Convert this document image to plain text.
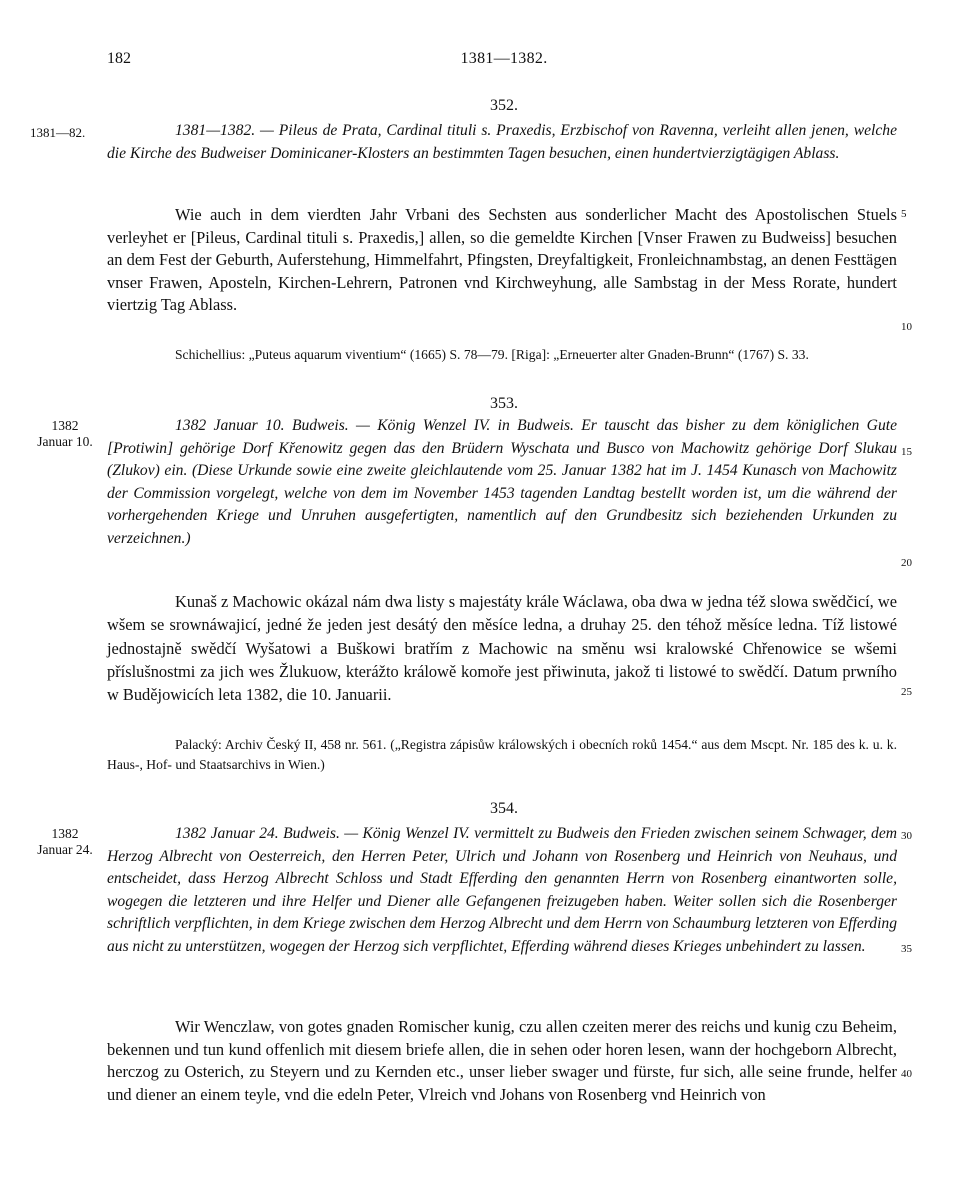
182	1381—1382.
352.
1381—82.	1381—1382. — Pileus de Prata, Cardinal tituli s. Praxedis, Erzbischof von Ravenna, verleiht allen jenen, welche die Kirche des Budweiser Dominicaner-Klosters an bestimmten Tagen besuchen, einen hundertvierzigtägigen Ablass.
Wie auch in dem vierdten Jahr Vrbani des Sechsten aus sonderlicher Macht des Apostolischen Stuels verleyhet er [Pileus, Cardinal tituli s. Praxedis,] allen, so die gemeldte Kirchen [Vnser Frawen zu Budweiss] besuchen an dem Fest der Geburth, Auferstehung, Himmelfahrt, Pfingsten, Dreyfaltigkeit, Fronleichnambstag, an denen Festtägen vnser Frawen, Aposteln, Kirchen-Lehrern, Patronen vnd Kirchweyhung, alle Sambstag in der Mess Rorate, hundert viertzig Tag Ablass.
Schichellius: „Puteus aquarum viventium“ (1665) S. 78—79. [Riga]: „Erneuerter alter Gnaden-Brunn“ (1767) S. 33.
353.
1382
Januar 10.
1382 Januar 10. Budweis. — König Wenzel IV. in Budweis. Er tauscht das bisher zu dem königlichen Gute [Protiwin] gehörige Dorf Křenowitz gegen das den Brüdern Wyschata und Busco von Machowitz gehörige Dorf Slukau (Zlukov) ein. (Diese Urkunde sowie eine zweite gleichlautende vom 25. Januar 1382 hat im J. 1454 Kunasch von Machowitz der Commission vorgelegt, welche von dem im November 1453 tagenden Landtag bestellt worden ist, um die während der vorhergehenden Kriege und Unruhen ausgefertigten, namentlich auf den Grundbesitz sich beziehenden Urkunden zu verzeichnen.)
Kunaš z Machowic okázal nám dwa listy s majestáty krále Wáclawa, oba dwa w jedna též slowa swědčicí, we wšem se srownáwajicí, jedné že jeden jest desátý den měsíce ledna, a druhay 25. den téhož měsíce ledna. Tíž listowé jednostajně swědčí Wyšatowi a Buškowi bratřím z Machowic na směnu wsi kralowské Chřenowice se wšemi příslušnostmi za jich wes Žlukuow, kterážto králowě komoře jest přiwinuta, jakož ti listowé to swědčí. Datum prwního w Budějowicích leta 1382, die 10. Januarii.
Palacký: Archiv Český II, 458 nr. 561. („Registra zápisůw králowských i obecních roků 1454.“ aus dem Mscpt. Nr. 185 des k. u. k. Haus-, Hof- und Staatsarchivs in Wien.)
354.
1382
Januar 24.
1382 Januar 24. Budweis. — König Wenzel IV. vermittelt zu Budweis den Frieden zwischen seinem Schwager, dem Herzog Albrecht von Oesterreich, den Herren Peter, Ulrich und Johann von Rosenberg und Heinrich von Neuhaus, und entscheidet, dass Herzog Albrecht Schloss und Stadt Efferding den genannten Herrn von Rosenberg einantworten solle, wogegen die letzteren und ihre Helfer und Diener alle Gefangenen freizugeben haben. Weiter sollen sich die Rosenberger schriftlich verpflichten, in dem Kriege zwischen dem Herzog Albrecht und dem Herrn von Schaumburg letzteren von Efferding aus nicht zu unterstützen, wogegen der Herzog sich verpflichtet, Efferding während dieses Krieges unbehindert zu lassen.
Wir Wenczlaw, von gotes gnaden Romischer kunig, czu allen czeiten merer des reichs und kunig czu Beheim, bekennen und tun kund offenlich mit diesem briefe allen, die in sehen oder horen lesen, wann der hochgeborn Albrecht, herczog zu Osterich, zu Steyern und zu Kernden etc., unser lieber swager und fürste, fur sich, alle seine frunde, helfer und diener an einem teyle, vnd die edeln Peter, Vlreich vnd Johans von Rosenberg vnd Heinrich von
5
10
15
20
25
30
35
40
